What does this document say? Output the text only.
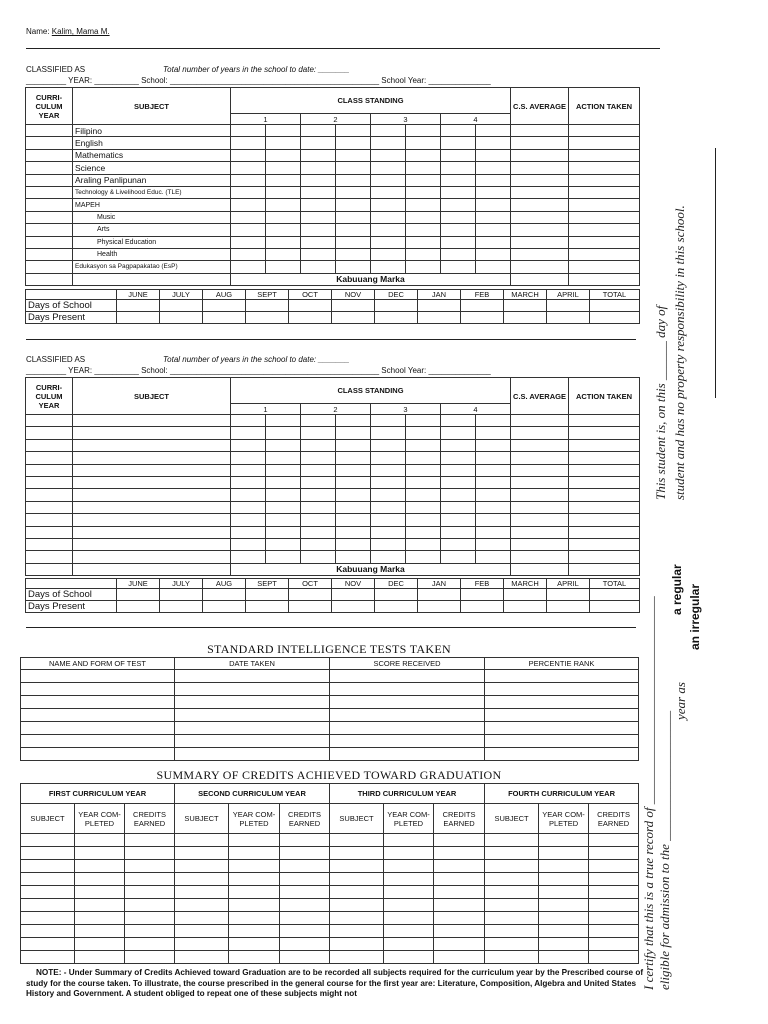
Name: Kalim, Mama M.
CLASSIFIED AS	Total number of years in the school to date: _______
_________ YEAR: __________ School: _______________________________________________ School Year: ______________
CURRI- CULUM YEAR	SUBJECT	CLASS STANDING								C.S. AVERAGE	ACTION TAKEN
		1		2		3		4			
	Filipino										
	English										
	Mathematics										
	Science										
	Araling Panlipunan										
	Technology & Livelihood Educ. (TLE)										
	MAPEH										
	Music										
	Arts										
	Physical Education										
	Health										
	Edukasyon sa Pagpapakatao (EsP)										
		Kabuuang Marka									
	JUNE	JULY	AUG	SEPT	OCT	NOV	DEC	JAN	FEB	MARCH	APRIL	TOTAL
Days of School												
Days Present												
CLASSIFIED AS	Total number of years in the school to date: _______
_________ YEAR: __________ School: _______________________________________________ School Year: ______________
CURRI- CULUM YEAR	SUBJECT	CLASS STANDING								C.S. AVERAGE	ACTION TAKEN
		1		2		3		4			

		Kabuuang Marka									
	JUNE	JULY	AUG	SEPT	OCT	NOV	DEC	JAN	FEB	MARCH	APRIL	TOTAL
Days of School												
Days Present												
STANDARD INTELLIGENCE TESTS TAKEN
NAME AND FORM OF TEST	DATE TAKEN	SCORE RECEIVED	PERCENTIE RANK

SUMMARY OF CREDITS ACHIEVED TOWARD GRADUATION
FIRST CURRICULUM YEAR			SECOND CURRICULUM YEAR			THIRD CURRICULUM YEAR			FOURTH CURRICULUM YEAR		
SUBJECT	YEAR COM- PLETED	CREDITS EARNED	SUBJECT	YEAR COM- PLETED	CREDITS EARNED	SUBJECT	YEAR COM- PLETED	CREDITS EARNED	SUBJECT	YEAR COM- PLETED	CREDITS EARNED

NOTE: - Under Summary of Credits Achieved toward Graduation are to be recorded all subjects required for the curriculum year by the Prescribed course of study for the course taken. To illustrate, the course prescribed in the general course for the first year are: Literature, Composition, Algebra and United States History and Government. A student obliged to repeat one of these subjects might not
I certify that this is a true record of ________________________________ eligible for admission to the ____________________
year as
a regular an irregular
This student is, on this ______ day of student and has no property responsibility in this school.
